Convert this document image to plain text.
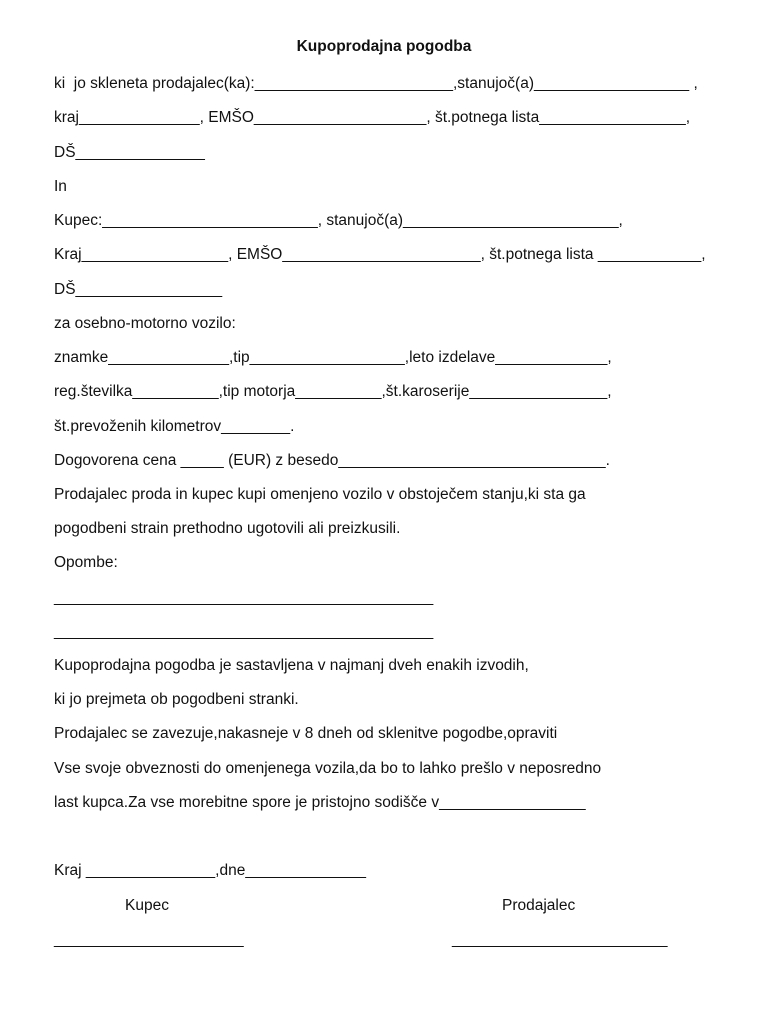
Kupoprodajna pogodba
ki  jo skleneta prodajalec(ka):_______________________,stanujoč(a)__________________ ,
kraj______________, EMŠO____________________, št.potnega lista_________________,
DŠ_______________
In
Kupec:_________________________, stanujoč(a)_________________________,
Kraj_________________, EMŠO_______________________, št.potnega lista ____________,
DŠ_________________
za osebno-motorno vozilo:
znamke______________,tip__________________,leto izdelave_____________,
reg.številka__________,tip motorja__________,št.karoserije________________,
št.prevoženih kilometrov________.
Dogovorena cena _____ (EUR) z besedo_______________________________.
Prodajalec proda in kupec kupi omenjeno vozilo v obstoječem stanju,ki sta ga
pogodbeni strain prethodno ugotovili ali preizkusili.
Opombe:
____________________________________________
____________________________________________
Kupoprodajna pogodba je sastavljena v najmanj dveh enakih izvodih,
ki jo prejmeta ob pogodbeni stranki.
Prodajalec se zavezuje,nakasneje v 8 dneh od sklenitve pogodbe,opraviti
Vse svoje obveznosti do omenjenega vozila,da bo to lahko prešlo v neposredno
last kupca.Za vse morebitne spore je pristojno sodišče v_________________
Kraj _______________,dne______________
Kupec	Prodajalec
______________________	_________________________
